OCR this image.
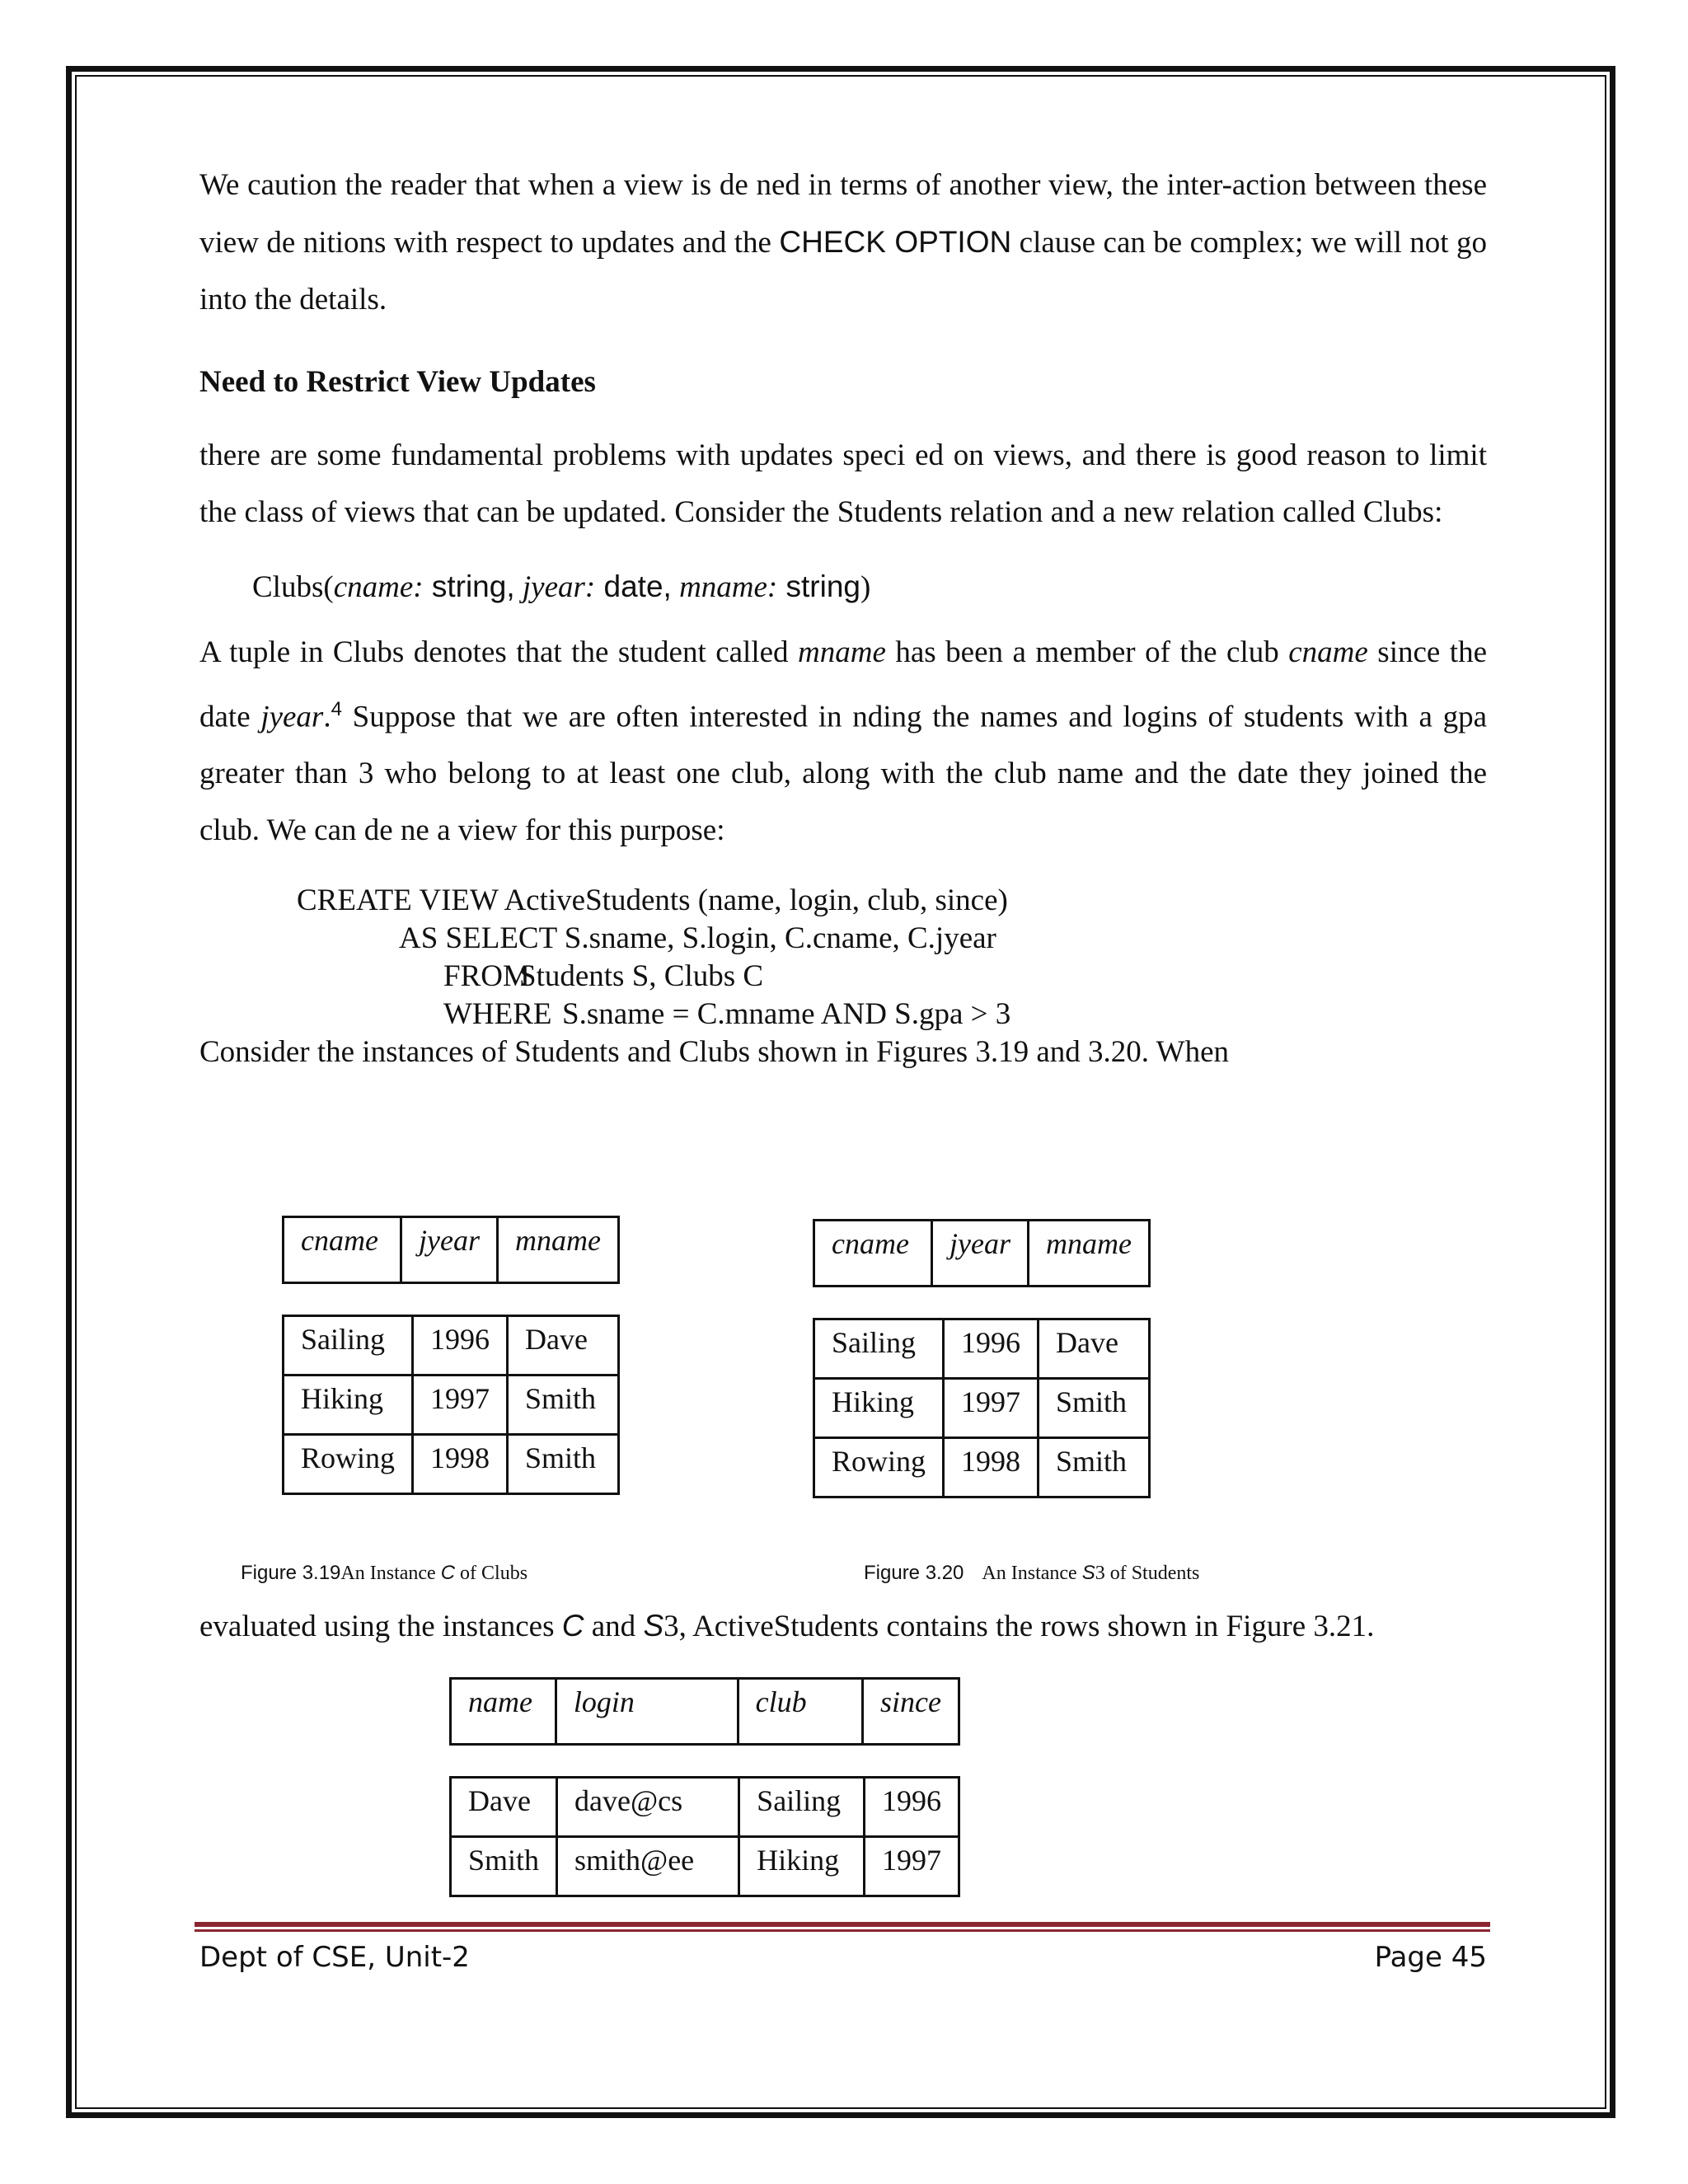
We caution the reader that when a view is de ned in terms of another view, the inter-action between these view de nitions with respect to updates and the CHECK OPTION clause can be complex; we will not go into the details.

Need to Restrict View Updates

there are some fundamental problems with updates speci ed on views, and there is good reason to limit the class of views that can be updated. Consider the Students relation and a new relation called Clubs:

Clubs(cname: string, jyear: date, mname: string)

A tuple in Clubs denotes that the student called mname has been a member of the club cname since the date jyear.$^4$ Suppose that we are often interested in nding the names and logins of students with a gpa greater than 3 who belong to at least one club, along with the club name and the date they joined the club. We can de ne a view for this purpose:

CREATE VIEW ActiveStudents (name, login, club, since)
AS SELECT S.sname, S.login, C.cname, C.jyear
FROMStudents S, Clubs C
WHERE S.sname = C.mname AND S.gpa > 3

Consider the instances of Students and Clubs shown in Figures 3.19 and 3.20. When

cname	jyear	mname
Sailing	1996	Dave
Hiking	1997	Smith
Rowing	1998	Smith
cname	jyear	mname
Sailing	1996	Dave
Hiking	1997	Smith
Rowing	1998	Smith
Figure 3.19An Instance C of Clubs	Figure 3.20 An Instance S3 of Students
evaluated using the instances C and S3, ActiveStudents contains the rows shown in Figure 3.21.
name	login	club	since
Dave	dave@cs	Sailing	1996
Smith	smith@ee	Hiking	1997
Dept of CSE, Unit-2	Page 45
